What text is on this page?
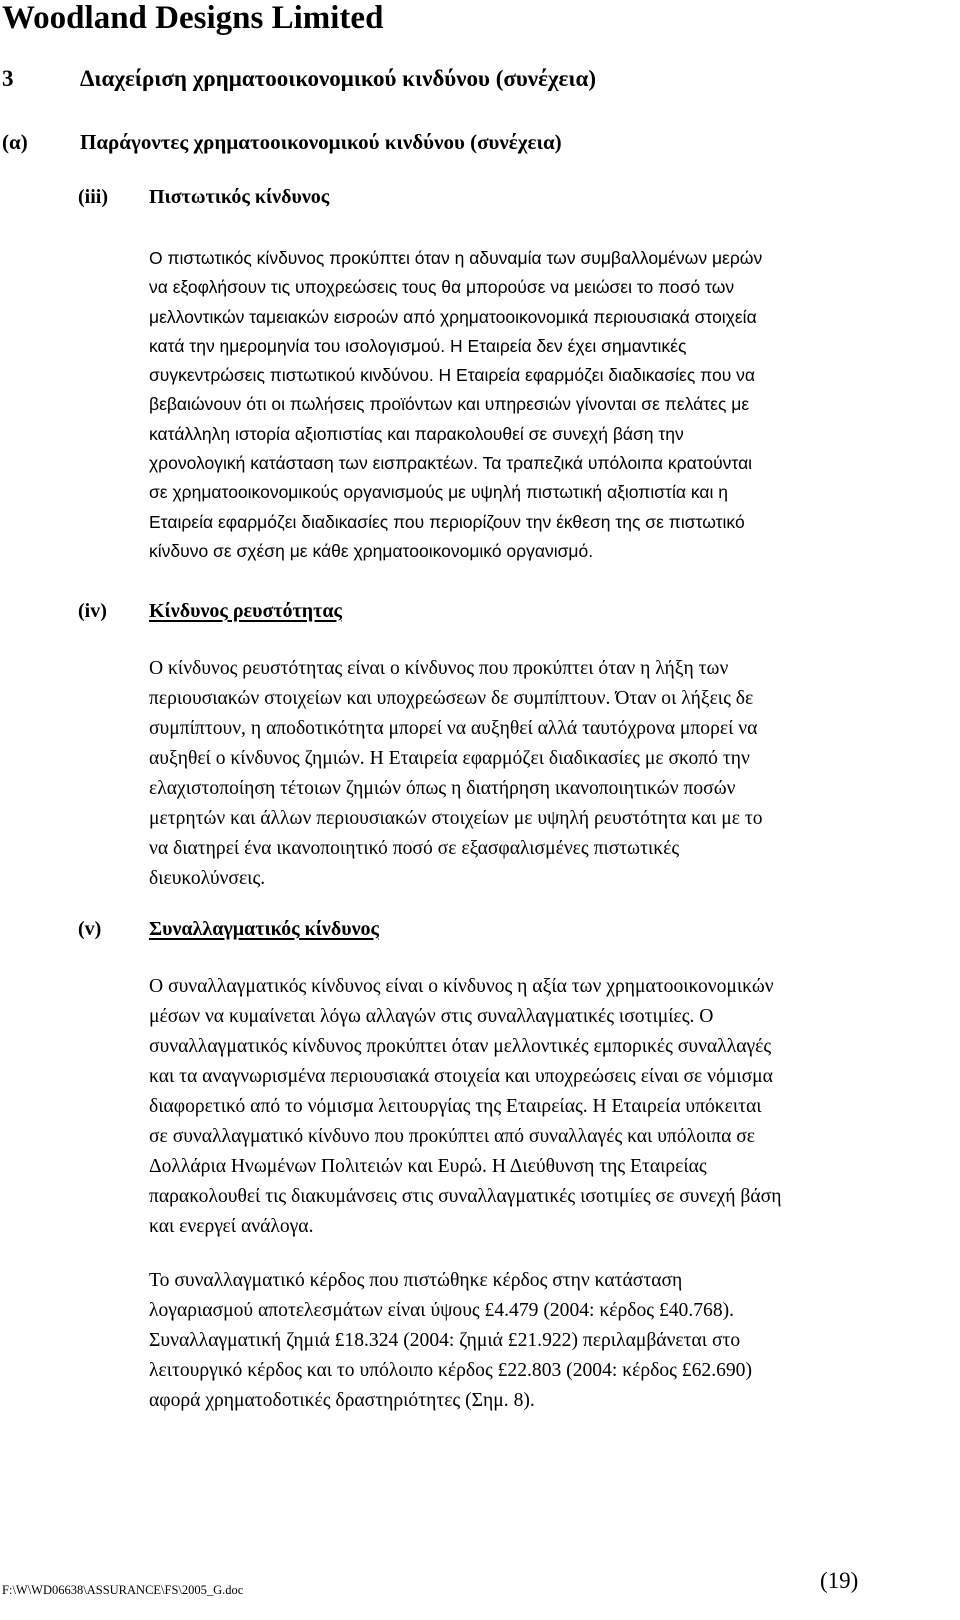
Woodland Designs Limited
3	Διαχείριση χρηματοοικονομικού κινδύνου (συνέχεια)
(α) Παράγοντες χρηματοοικονομικού κινδύνου (συνέχεια)
(iii) Πιστωτικός κίνδυνος
Ο πιστωτικός κίνδυνος προκύπτει όταν η αδυναμία των συμβαλλομένων μερών
να εξοφλήσουν τις υποχρεώσεις τους θα μπορούσε να μειώσει το ποσό των
μελλοντικών ταμειακών εισροών από χρηματοοικονομικά περιουσιακά στοιχεία
κατά την ημερομηνία του ισολογισμού. Η Εταιρεία δεν έχει σημαντικές
συγκεντρώσεις πιστωτικού κινδύνου. Η Εταιρεία εφαρμόζει διαδικασίες που να
βεβαιώνουν ότι οι πωλήσεις προϊόντων και υπηρεσιών γίνονται σε πελάτες με
κατάλληλη ιστορία αξιοπιστίας και παρακολουθεί σε συνεχή βάση την
χρονολογική κατάσταση των εισπρακτέων. Τα τραπεζικά υπόλοιπα κρατούνται
σε χρηματοοικονομικούς οργανισμούς με υψηλή πιστωτική αξιοπιστία και η
Εταιρεία εφαρμόζει διαδικασίες που περιορίζουν την έκθεση της σε πιστωτικό
κίνδυνο σε σχέση με κάθε χρηματοοικονομικό οργανισμό.
(iv) Κίνδυνος ρευστότητας
Ο κίνδυνος ρευστότητας είναι ο κίνδυνος που προκύπτει όταν η λήξη των
περιουσιακών στοιχείων και υποχρεώσεων δε συμπίπτουν. Όταν οι λήξεις δε
συμπίπτουν, η αποδοτικότητα μπορεί να αυξηθεί αλλά ταυτόχρονα μπορεί να
αυξηθεί ο κίνδυνος ζημιών. Η Εταιρεία εφαρμόζει διαδικασίες με σκοπό την
ελαχιστοποίηση τέτοιων ζημιών όπως η διατήρηση ικανοποιητικών ποσών
μετρητών και άλλων περιουσιακών στοιχείων με υψηλή ρευστότητα και με το
να διατηρεί ένα ικανοποιητικό ποσό σε εξασφαλισμένες πιστωτικές
διευκολύνσεις.
(v) Συναλλαγματικός κίνδυνος
Ο συναλλαγματικός κίνδυνος είναι ο κίνδυνος η αξία των χρηματοοικονομικών
μέσων να κυμαίνεται λόγω αλλαγών στις συναλλαγματικές ισοτιμίες. Ο
συναλλαγματικός κίνδυνος προκύπτει όταν μελλοντικές εμπορικές συναλλαγές
και τα αναγνωρισμένα περιουσιακά στοιχεία και υποχρεώσεις είναι σε νόμισμα
διαφορετικό από το νόμισμα λειτουργίας της Εταιρείας. Η Εταιρεία υπόκειται
σε συναλλαγματικό κίνδυνο που προκύπτει από συναλλαγές και υπόλοιπα σε
Δολλάρια Ηνωμένων Πολιτειών και Ευρώ. Η Διεύθυνση της Εταιρείας
παρακολουθεί τις διακυμάνσεις στις συναλλαγματικές ισοτιμίες σε συνεχή βάση
και ενεργεί ανάλογα.
Το συναλλαγματικό κέρδος που πιστώθηκε κέρδος στην κατάσταση
λογαριασμού αποτελεσμάτων είναι ύψους £4.479 (2004: κέρδος £40.768).
Συναλλαγματική ζημιά £18.324 (2004: ζημιά £21.922) περιλαμβάνεται στο
λειτουργικό κέρδος και το υπόλοιπο κέρδος £22.803 (2004: κέρδος £62.690)
αφορά χρηματοδοτικές δραστηριότητες (Σημ. 8).
F:\W\WD06638\ASSURANCE\FS\2005_G.doc	(19)
